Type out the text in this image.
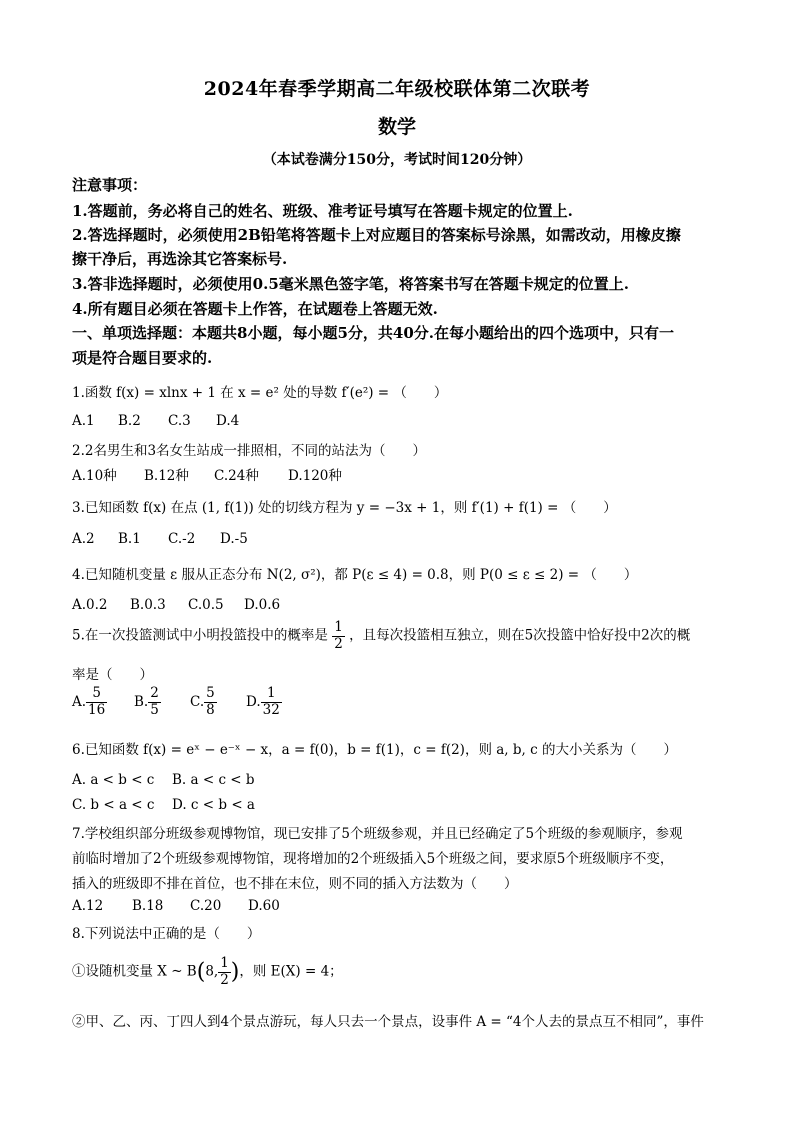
2024年春季学期高二年级校联体第二次联考
数学
（本试卷满分150分，考试时间120分钟）
注意事项：
1.答题前，务必将自己的姓名、班级、准考证号填写在答题卡规定的位置上.
2.答选择题时，必须使用2B铅笔将答题卡上对应题目的答案标号涂黑，如需改动，用橡皮擦
擦干净后，再选涂其它答案标号.
3.答非选择题时，必须使用0.5毫米黑色签字笔，将答案书写在答题卡规定的位置上.
4.所有题目必须在答题卡上作答，在试题卷上答题无效.
一、单项选择题：本题共8小题，每小题5分，共40分.在每小题给出的四个选项中，只有一
项是符合题目要求的.
1.函数 f(x) = xlnx + 1 在 x = e² 处的导数 f′(e²) = （　　）
A.1 B.2 C.3 D.4
2.2名男生和3名女生站成一排照相，不同的站法为（　　）
A.10种 B.12种 C.24种 D.120种
3.已知函数 f(x) 在点 (1, f(1)) 处的切线方程为 y = −3x + 1，则 f′(1) + f(1) = （　　）
A.2 B.1 C.-2 D.-5
4.已知随机变量 ε 服从正态分布 N(2, σ²)，都 P(ε ≤ 4) = 0.8，则 P(0 ≤ ε ≤ 2) = （　　）
A.0.2 B.0.3 C.0.5 D.0.6
5.在一次投篮测试中小明投篮投中的概率是 $\frac{1}{2}$ ，且每次投篮相互独立，则在5次投篮中恰好投中2次的概
率是（　　）
A. $\frac{5}{16} B$. $\frac{2}{5} C$. $\frac{5}{8} D$. $\frac{1}{32}$
6.已知函数 f(x) = eˣ − e⁻ˣ − x，a = f(0)，b = f(1)，c = f(2)，则 a, b, c 的大小关系为（　　）
A. a < b < c B. a < c < b
C. b < a < c D. c < b < a
7.学校组织部分班级参观博物馆，现已安排了5个班级参观，并且已经确定了5个班级的参观顺序，参观
前临时增加了2个班级参观博物馆，现将增加的2个班级插入5个班级之间，要求原5个班级顺序不变，
插入的班级即不排在首位，也不排在末位，则不同的插入方法数为（　　）
A.12 B.18 C.20 D.60
8.下列说法中正确的是（　　）
①设随机变量 X ~ B(8, $\frac{1}{2}$ )，则 E(X) = 4；
②甲、乙、丙、丁四人到4个景点游玩，每人只去一个景点，设事件 A = “4个人去的景点互不相同”，事件
